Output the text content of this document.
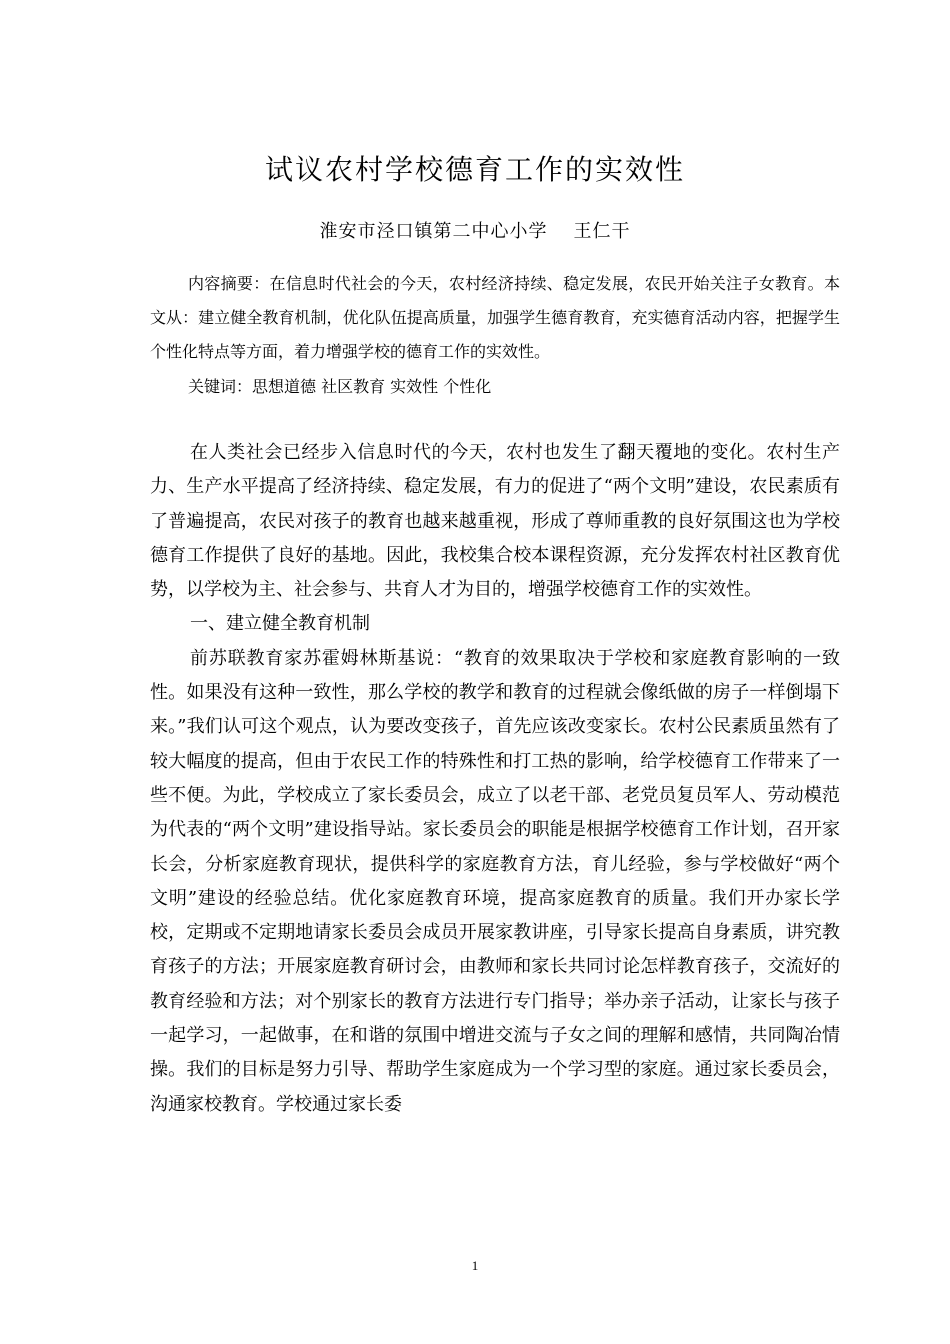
试议农村学校德育工作的实效性
淮安市泾口镇第二中心小学 王仁干

内容摘要：在信息时代社会的今天，农村经济持续、稳定发展，农民开始关注子女教育。本文从：建立健全教育机制，优化队伍提高质量，加强学生德育教育，充实德育活动内容，把握学生个性化特点等方面，着力增强学校的德育工作的实效性。

关键词：思想道德 社区教育 实效性 个性化

在人类社会已经步入信息时代的今天，农村也发生了翻天覆地的变化。农村生产力、生产水平提高了经济持续、稳定发展，有力的促进了“两个文明”建设，农民素质有了普遍提高，农民对孩子的教育也越来越重视，形成了尊师重教的良好氛围这也为学校德育工作提供了良好的基地。因此，我校集合校本课程资源，充分发挥农村社区教育优势，以学校为主、社会参与、共育人才为目的，增强学校德育工作的实效性。

一、建立健全教育机制

前苏联教育家苏霍姆林斯基说：“教育的效果取决于学校和家庭教育影响的一致性。如果没有这种一致性，那么学校的教学和教育的过程就会像纸做的房子一样倒塌下来。”我们认可这个观点，认为要改变孩子，首先应该改变家长。农村公民素质虽然有了较大幅度的提高，但由于农民工作的特殊性和打工热的影响，给学校德育工作带来了一些不便。为此，学校成立了家长委员会，成立了以老干部、老党员复员军人、劳动模范为代表的“两个文明”建设指导站。家长委员会的职能是根据学校德育工作计划，召开家长会，分析家庭教育现状，提供科学的家庭教育方法，育儿经验，参与学校做好“两个文明”建设的经验总结。优化家庭教育环境，提高家庭教育的质量。我们开办家长学校，定期或不定期地请家长委员会成员开展家教讲座，引导家长提高自身素质，讲究教育孩子的方法；开展家庭教育研讨会，由教师和家长共同讨论怎样教育孩子，交流好的教育经验和方法；对个别家长的教育方法进行专门指导；举办亲子活动，让家长与孩子一起学习，一起做事，在和谐的氛围中增进交流与子女之间的理解和感情，共同陶冶情操。我们的目标是努力引导、帮助学生家庭成为一个学习型的家庭。通过家长委员会，沟通家校教育。学校通过家长委

1
